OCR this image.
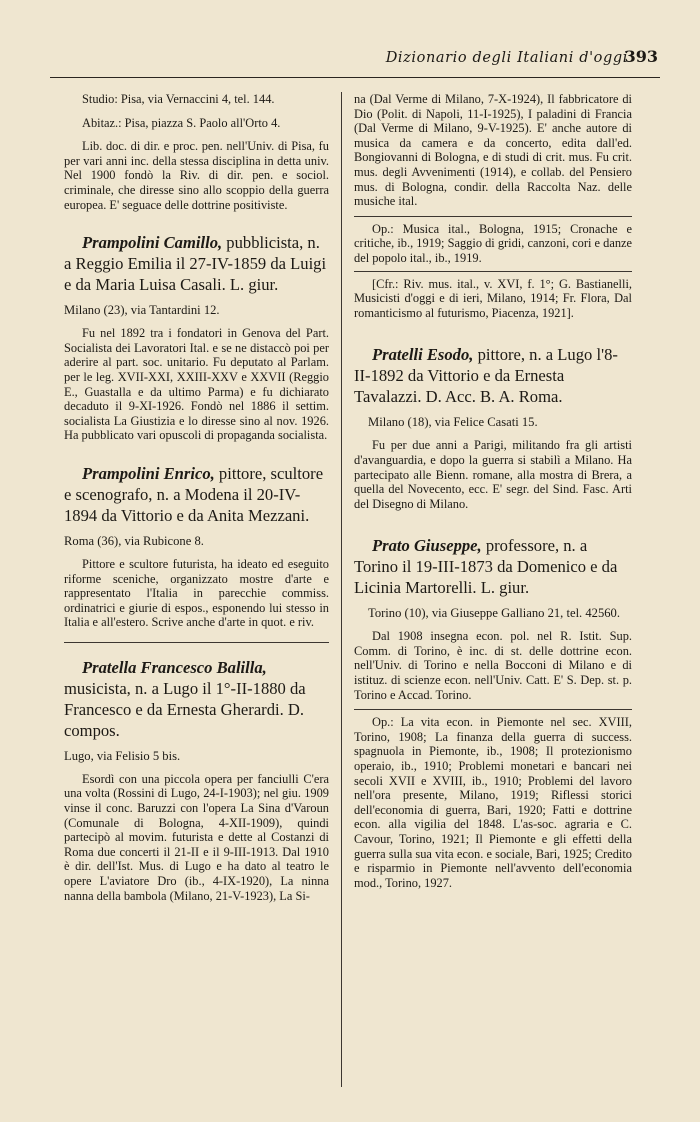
Dizionario degli Italiani d'oggi
393

Studio: Pisa, via Vernaccini 4, tel. 144.

Abitaz.: Pisa, piazza S. Paolo all'Orto 4.

Lib. doc. di dir. e proc. pen. nell'Univ. di Pisa, fu per vari anni inc. della stessa disciplina in detta univ. Nel 1900 fondò la Riv. di dir. pen. e sociol. criminale, che diresse sino allo scoppio della guerra europea. E' seguace delle dottrine positiviste.

Prampolini Camillo, pubblicista, n. a Reggio Emilia il 27-IV-1859 da Luigi e da Maria Luisa Casali. L. giur.
Milano (23), via Tantardini 12.

Fu nel 1892 tra i fondatori in Genova del Part. Socialista dei Lavoratori Ital. e se ne distaccò poi per aderire al part. soc. unitario. Fu deputato al Parlam. per le leg. XVII-XXI, XXIII-XXV e XXVII (Reggio E., Guastalla e da ultimo Parma) e fu dichiarato decaduto il 9-XI-1926. Fondò nel 1886 il settim. socialista La Giustizia e lo diresse sino al nov. 1926. Ha pubblicato vari opuscoli di propaganda socialista.

Prampolini Enrico, pittore, scultore e scenografo, n. a Modena il 20-IV-1894 da Vittorio e da Anita Mezzani.
Roma (36), via Rubicone 8.

Pittore e scultore futurista, ha ideato ed eseguito riforme sceniche, organizzato mostre d'arte e rappresentato l'Italia in parecchie commiss. ordinatrici e giurie di espos., esponendo lui stesso in Italia e all'estero. Scrive anche d'arte in quot. e riv.

Pratella Francesco Balilla, musicista, n. a Lugo il 1°-II-1880 da Francesco e da Ernesta Gherardi. D. compos.
Lugo, via Felisio 5 bis.

Esordì con una piccola opera per fanciulli C'era una volta (Rossini di Lugo, 24-I-1903); nel giu. 1909 vinse il conc. Baruzzi con l'opera La Sina d'Varoun (Comunale di Bologna, 4-XII-1909), quindi partecipò al movim. futurista e dette al Costanzi di Roma due concerti il 21-II e il 9-III-1913. Dal 1910 è dir. dell'Ist. Mus. di Lugo e ha dato al teatro le opere L'aviatore Dro (ib., 4-IX-1920), La ninna nanna della bambola (Milano, 21-V-1923), La Si-

na (Dal Verme di Milano, 7-X-1924), Il fabbricatore di Dio (Polit. di Napoli, 11-I-1925), I paladini di Francia (Dal Verme di Milano, 9-V-1925). E' anche autore di musica da camera e da concerto, edita dall'ed. Bongiovanni di Bologna, e di studi di crit. mus. Fu crit. mus. degli Avvenimenti (1914), e collab. del Pensiero mus. di Bologna, condir. della Raccolta Naz. delle musiche ital.

Op.: Musica ital., Bologna, 1915; Cronache e critiche, ib., 1919; Saggio di gridi, canzoni, cori e danze del popolo ital., ib., 1919.

[Cfr.: Riv. mus. ital., v. XVI, f. 1°; G. Bastianelli, Musicisti d'oggi e di ieri, Milano, 1914; Fr. Flora, Dal romanticismo al futurismo, Piacenza, 1921].

Pratelli Esodo, pittore, n. a Lugo l'8-II-1892 da Vittorio e da Ernesta Tavalazzi. D. Acc. B. A. Roma.
Milano (18), via Felice Casati 15.

Fu per due anni a Parigi, militando fra gli artisti d'avanguardia, e dopo la guerra si stabilì a Milano. Ha partecipato alle Bienn. romane, alla mostra di Brera, a quella del Novecento, ecc. E' segr. del Sind. Fasc. Arti del Disegno di Milano.

Prato Giuseppe, professore, n. a Torino il 19-III-1873 da Domenico e da Licinia Martorelli. L. giur.
Torino (10), via Giuseppe Galliano 21, tel. 42560.

Dal 1908 insegna econ. pol. nel R. Istit. Sup. Comm. di Torino, è inc. di st. delle dottrine econ. nell'Univ. di Torino e nella Bocconi di Milano e di istituz. di scienze econ. nell'Univ. Catt. E' S. Dep. st. p. Torino e Accad. Torino.

Op.: La vita econ. in Piemonte nel sec. XVIII, Torino, 1908; La finanza della guerra di success. spagnuola in Piemonte, ib., 1908; Il protezionismo operaio, ib., 1910; Problemi monetari e bancari nei secoli XVII e XVIII, ib., 1910; Problemi del lavoro nell'ora presente, Milano, 1919; Riflessi storici dell'economia di guerra, Bari, 1920; Fatti e dottrine econ. alla vigilia del 1848. L'as-soc. agraria e C. Cavour, Torino, 1921; Il Piemonte e gli effetti della guerra sulla sua vita econ. e sociale, Bari, 1925; Credito e risparmio in Piemonte nell'avvento dell'economia mod., Torino, 1927.
